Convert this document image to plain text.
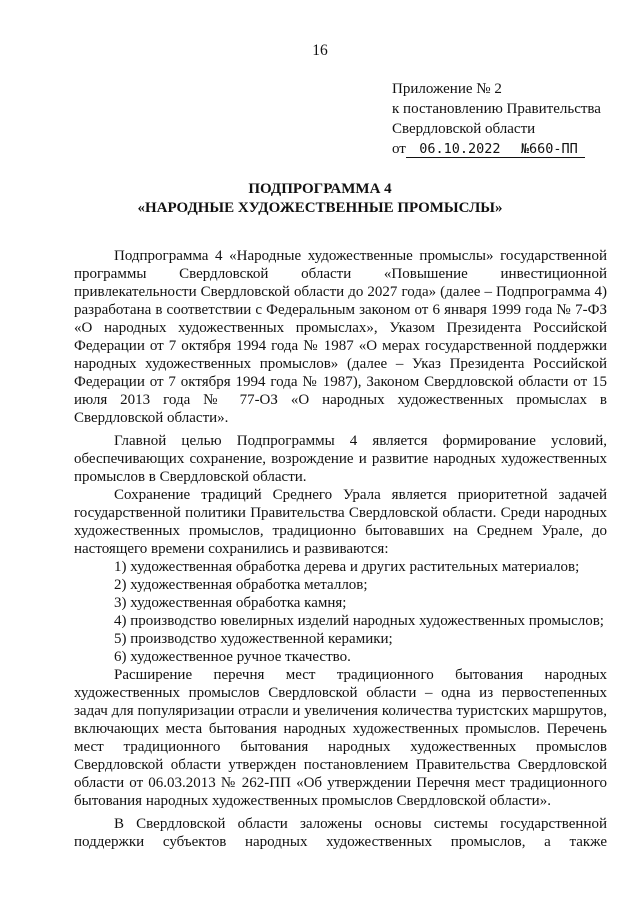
16
Приложение № 2
к постановлению Правительства
Свердловской области
от 06.10.2022	№660-ПП
ПОДПРОГРАММА 4
«НАРОДНЫЕ ХУДОЖЕСТВЕННЫЕ ПРОМЫСЛЫ»

Подпрограмма 4 «Народные художественные промыслы» государственной программы Свердловской области «Повышение инвестиционной привлекательности Свердловской области до 2027 года» (далее – Подпрограмма 4) разработана в соответствии с Федеральным законом от 6 января 1999 года № 7-ФЗ «О народных художественных промыслах», Указом Президента Российской Федерации от 7 октября 1994 года № 1987 «О мерах государственной поддержки народных художественных промыслов» (далее – Указ Президента Российской Федерации от 7 октября 1994 года № 1987), Законом Свердловской области от 15 июля 2013 года № 77-ОЗ «О народных художественных промыслах в Свердловской области».

Главной целью Подпрограммы 4 является формирование условий, обеспечивающих сохранение, возрождение и развитие народных художественных промыслов в Свердловской области.

Сохранение традиций Среднего Урала является приоритетной задачей государственной политики Правительства Свердловской области. Среди народных художественных промыслов, традиционно бытовавших на Среднем Урале, до настоящего времени сохранились и развиваются:

1) художественная обработка дерева и других растительных материалов;

2) художественная обработка металлов;

3) художественная обработка камня;

4) производство ювелирных изделий народных художественных промыслов;

5) производство художественной керамики;

6) художественное ручное ткачество.

Расширение перечня мест традиционного бытования народных художественных промыслов Свердловской области – одна из первостепенных задач для популяризации отрасли и увеличения количества туристских маршрутов, включающих места бытования народных художественных промыслов. Перечень мест традиционного бытования народных художественных промыслов Свердловской области утвержден постановлением Правительства Свердловской области от 06.03.2013 № 262-ПП «Об утверждении Перечня мест традиционного бытования народных художественных промыслов Свердловской области».

В Свердловской области заложены основы системы государственной поддержки субъектов народных художественных промыслов, а также
